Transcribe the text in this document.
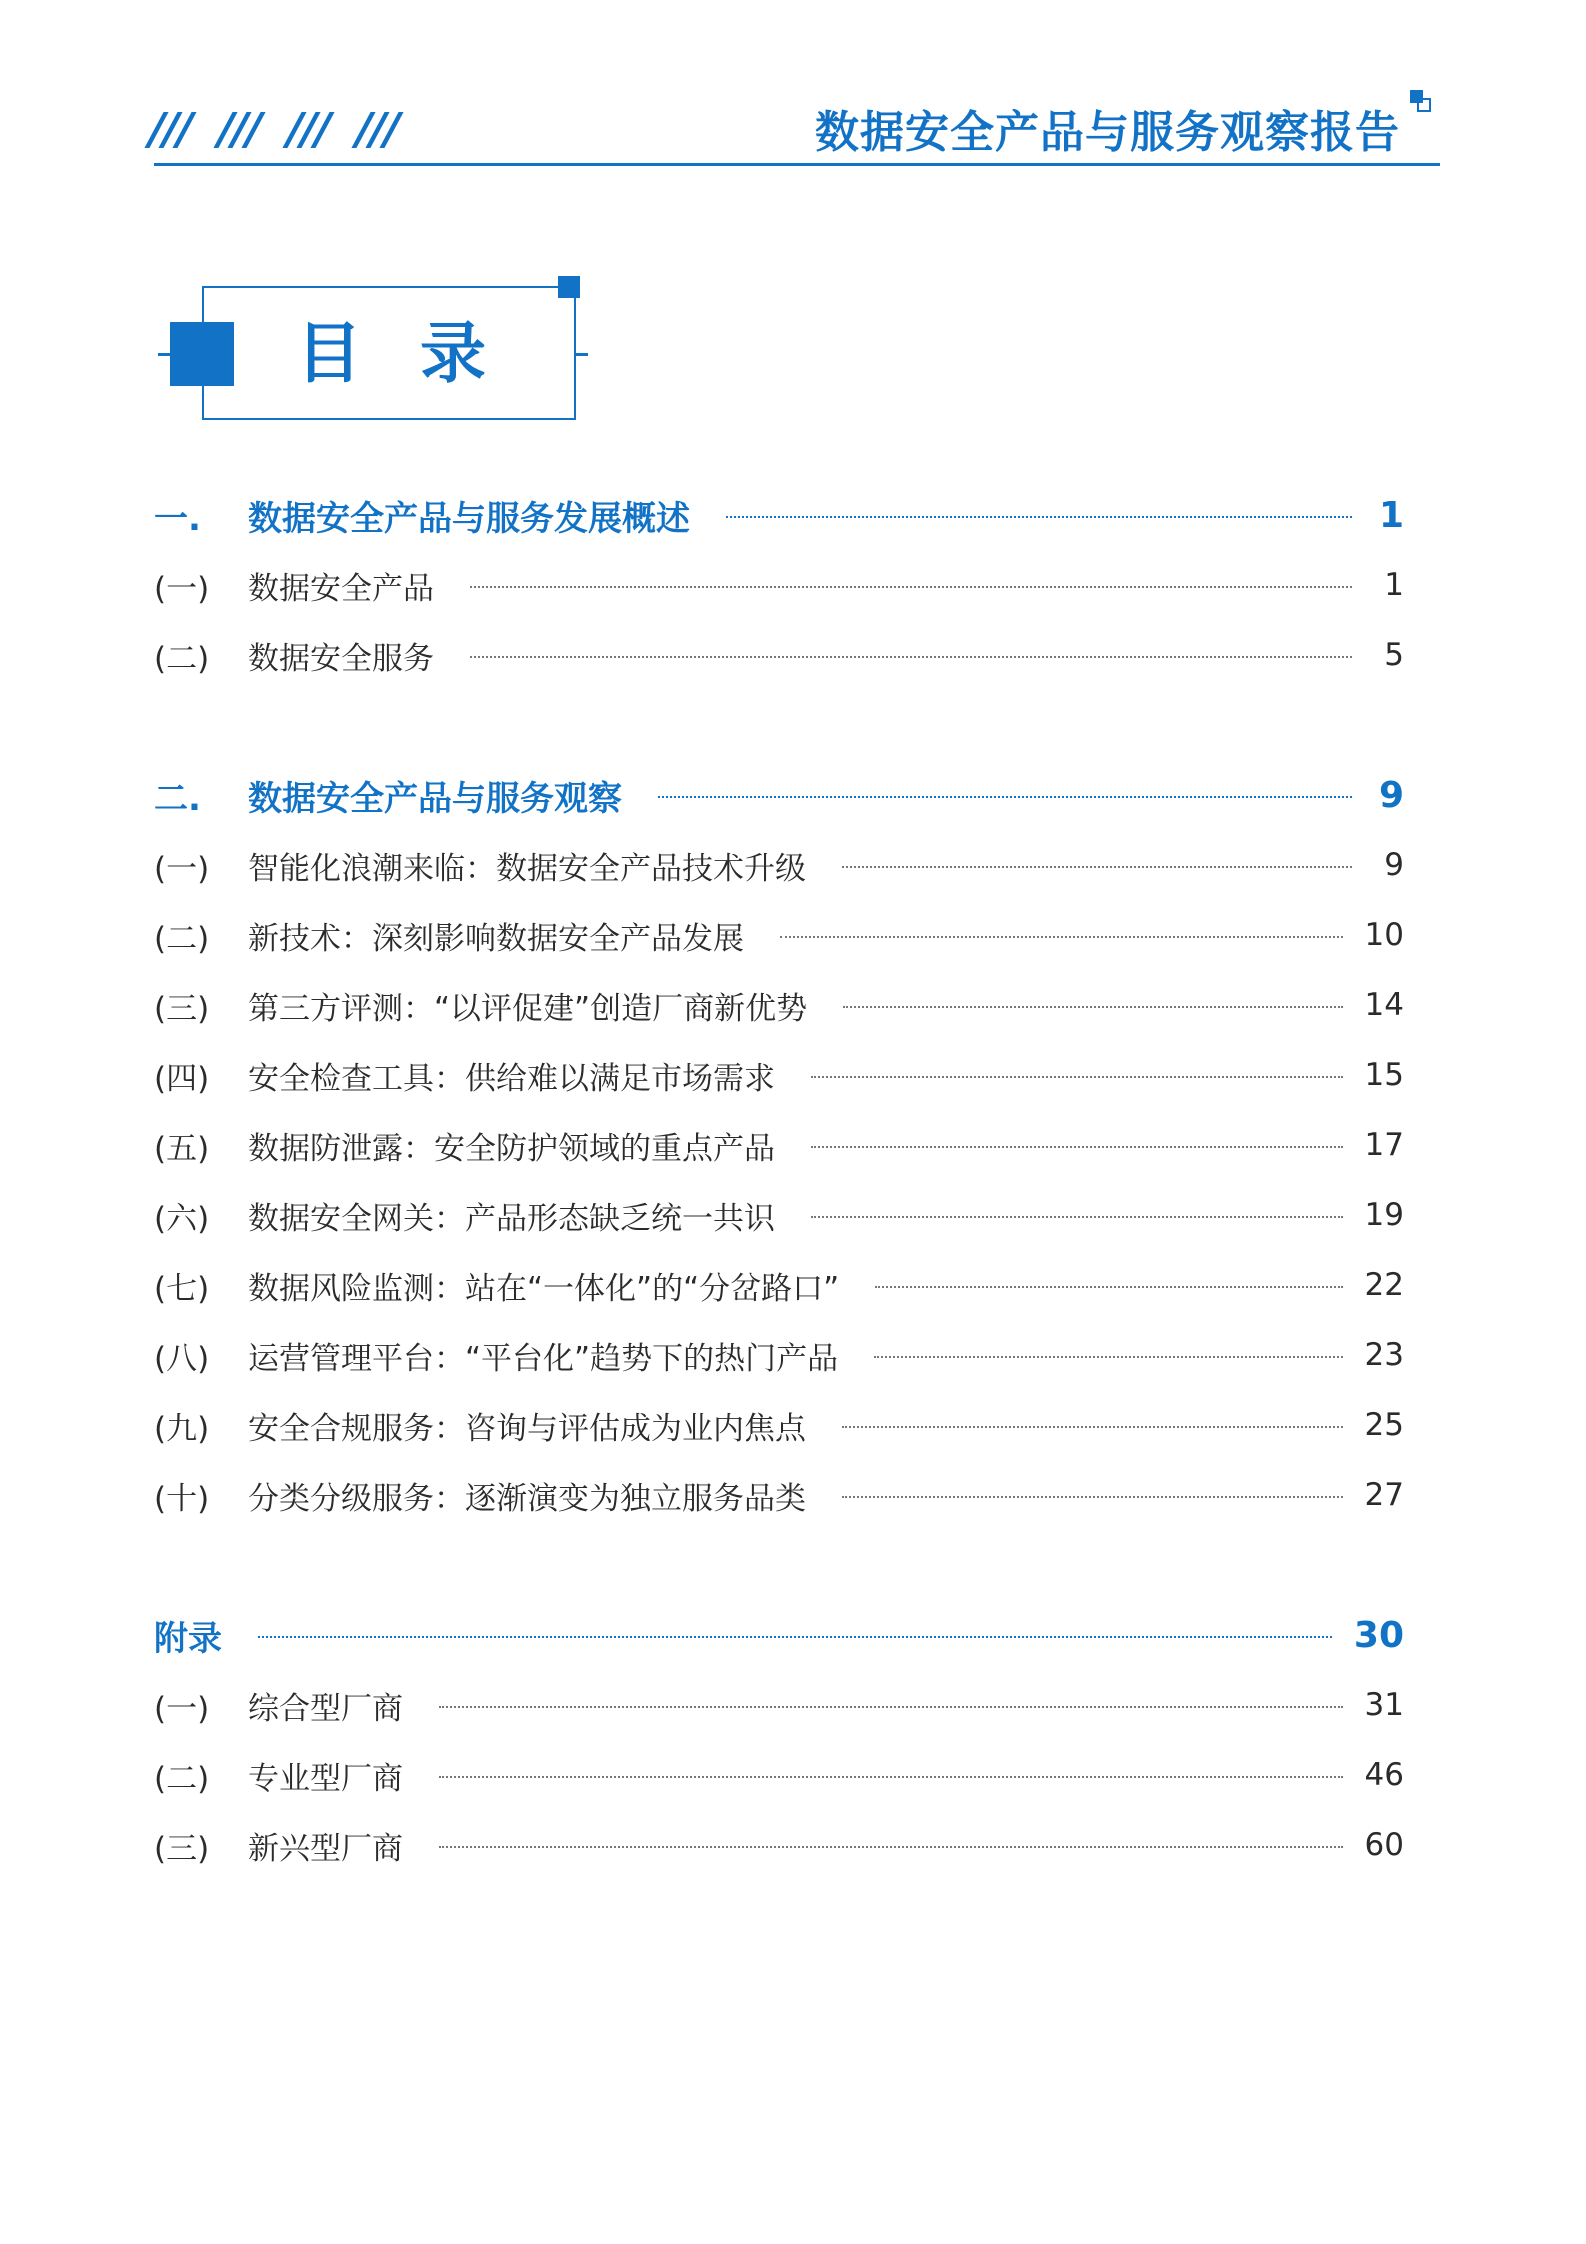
数据安全产品与服务观察报告
目录
一.	数据安全产品与服务发展概述	1
(一)	数据安全产品	1
(二)	数据安全服务	5
二.	数据安全产品与服务观察	9
(一)	智能化浪潮来临：数据安全产品技术升级	9
(二)	新技术：深刻影响数据安全产品发展	10
(三)	第三方评测：“以评促建”创造厂商新优势	14
(四)	安全检查工具：供给难以满足市场需求	15
(五)	数据防泄露：安全防护领域的重点产品	17
(六)	数据安全网关：产品形态缺乏统一共识	19
(七)	数据风险监测：站在“一体化”的“分岔路口”	22
(八)	运营管理平台：“平台化”趋势下的热门产品	23
(九)	安全合规服务：咨询与评估成为业内焦点	25
(十)	分类分级服务：逐渐演变为独立服务品类	27
附录	30
(一)	综合型厂商	31
(二)	专业型厂商	46
(三)	新兴型厂商	60
